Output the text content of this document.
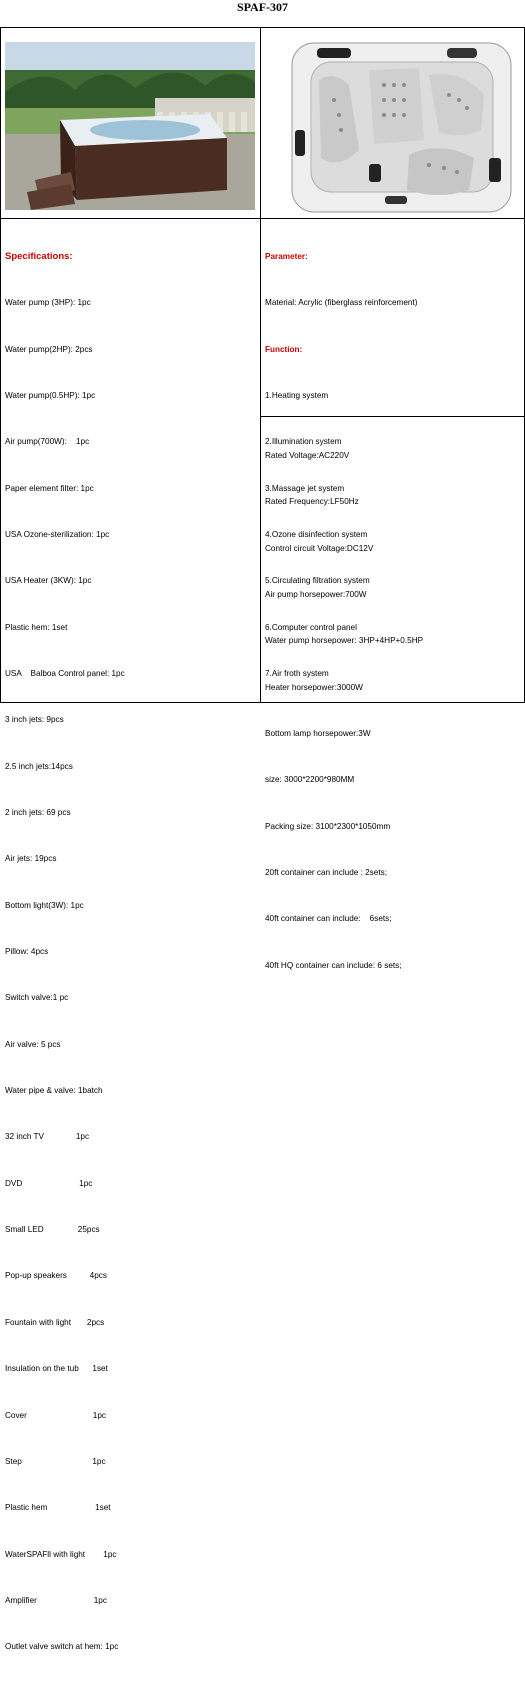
SPAF-307

Specifications:

Water pump (3HP): 1pc

Water pump(2HP): 2pcs

Water pump(0.5HP): 1pc

Air pump(700W):    1pc

Paper element filter: 1pc

USA Ozone-sterilization: 1pc

USA Heater (3KW): 1pc

Plastic hem: 1set

USA    Balboa Control panel: 1pc

3 inch jets: 9pcs

2.5 inch jets:14pcs

2 inch jets: 69 pcs

Air jets: 19pcs

Bottom light(3W): 1pc

Pillow: 4pcs

Switch valve:1 pc

Air valve: 5 pcs

Water pipe & valve: 1batch

32 inch TV              1pc

DVD                         1pc

Small LED               25pcs

Pop-up speakers          4pcs

Fountain with light       2pcs

Insulation on the tub      1set

Cover                             1pc

Step                               1pc

Plastic hem                     1set

WaterSPAFll with light        1pc

Amplifier                         1pc

Outlet valve switch at hem: 1pc

Parameter:

Material: Acrylic (fiberglass reinforcement)

Function:

1.Heating system

2.Illumination system

3.Massage jet system

4.Ozone disinfection system

5.Circulating filtration system

6.Computer control panel

7.Air froth system

Rated Voltage:AC220V

Rated Frequency:LF50Hz

Control circuit Voltage:DC12V

Air pump horsepower:700W

Water pump horsepower: 3HP+4HP+0.5HP

Heater horsepower:3000W

Bottom lamp horsepower:3W

size: 3000*2200*980MM

Packing size: 3100*2300*1050mm

20ft container can include : 2sets;

40ft container can include:    6sets;

40ft HQ container can include: 6 sets;
